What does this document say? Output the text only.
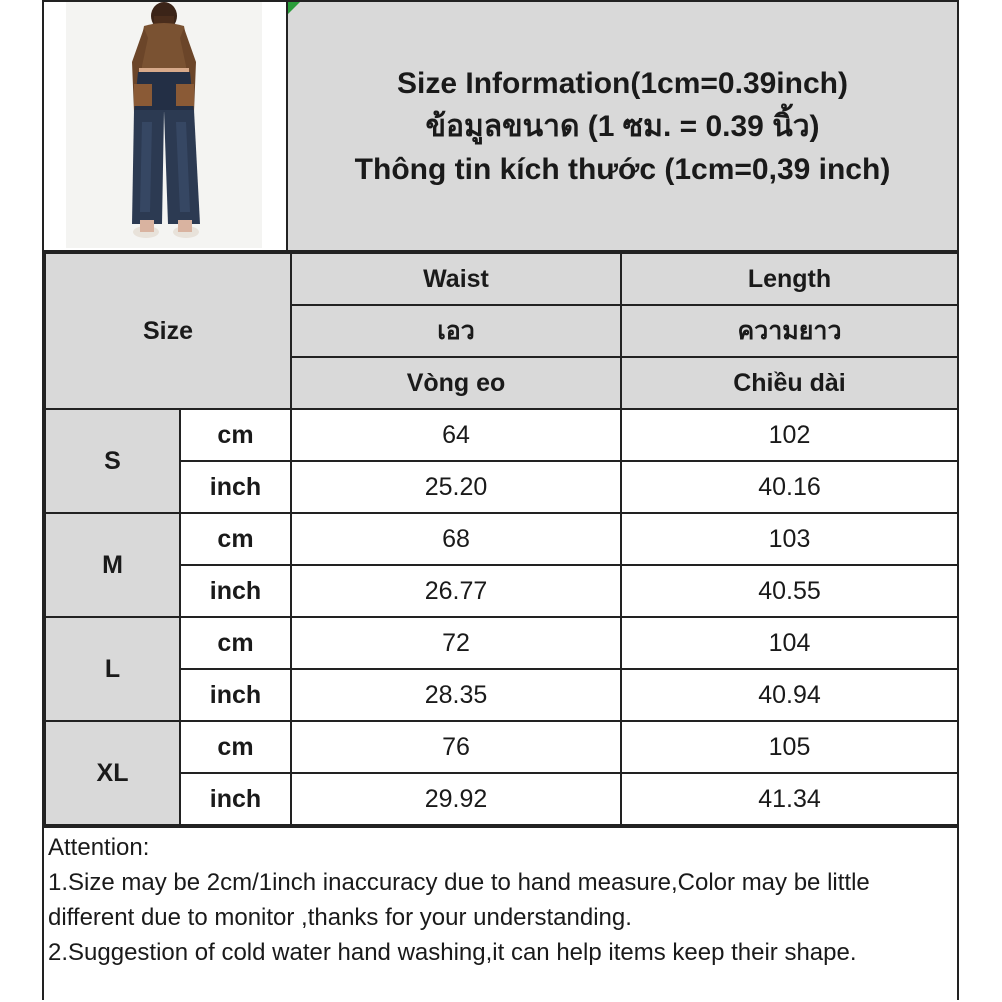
Size Information(1cm=0.39inch)
ข้อมูลขนาด (1 ซม. = 0.39 นิ้ว)
Thông tin kích thước (1cm=0,39 inch)
Size		Waist	Length
		เอว	ความยาว
		Vòng eo	Chiều dài
S	cm	64	102
	inch	25.20	40.16
M	cm	68	103
	inch	26.77	40.55
L	cm	72	104
	inch	28.35	40.94
XL	cm	76	105
	inch	29.92	41.34

Attention:

1.Size may be 2cm/1inch inaccuracy due to hand measure,Color may be little different due to monitor ,thanks for your understanding.

2.Suggestion of cold water hand washing,it can help items keep their shape.
